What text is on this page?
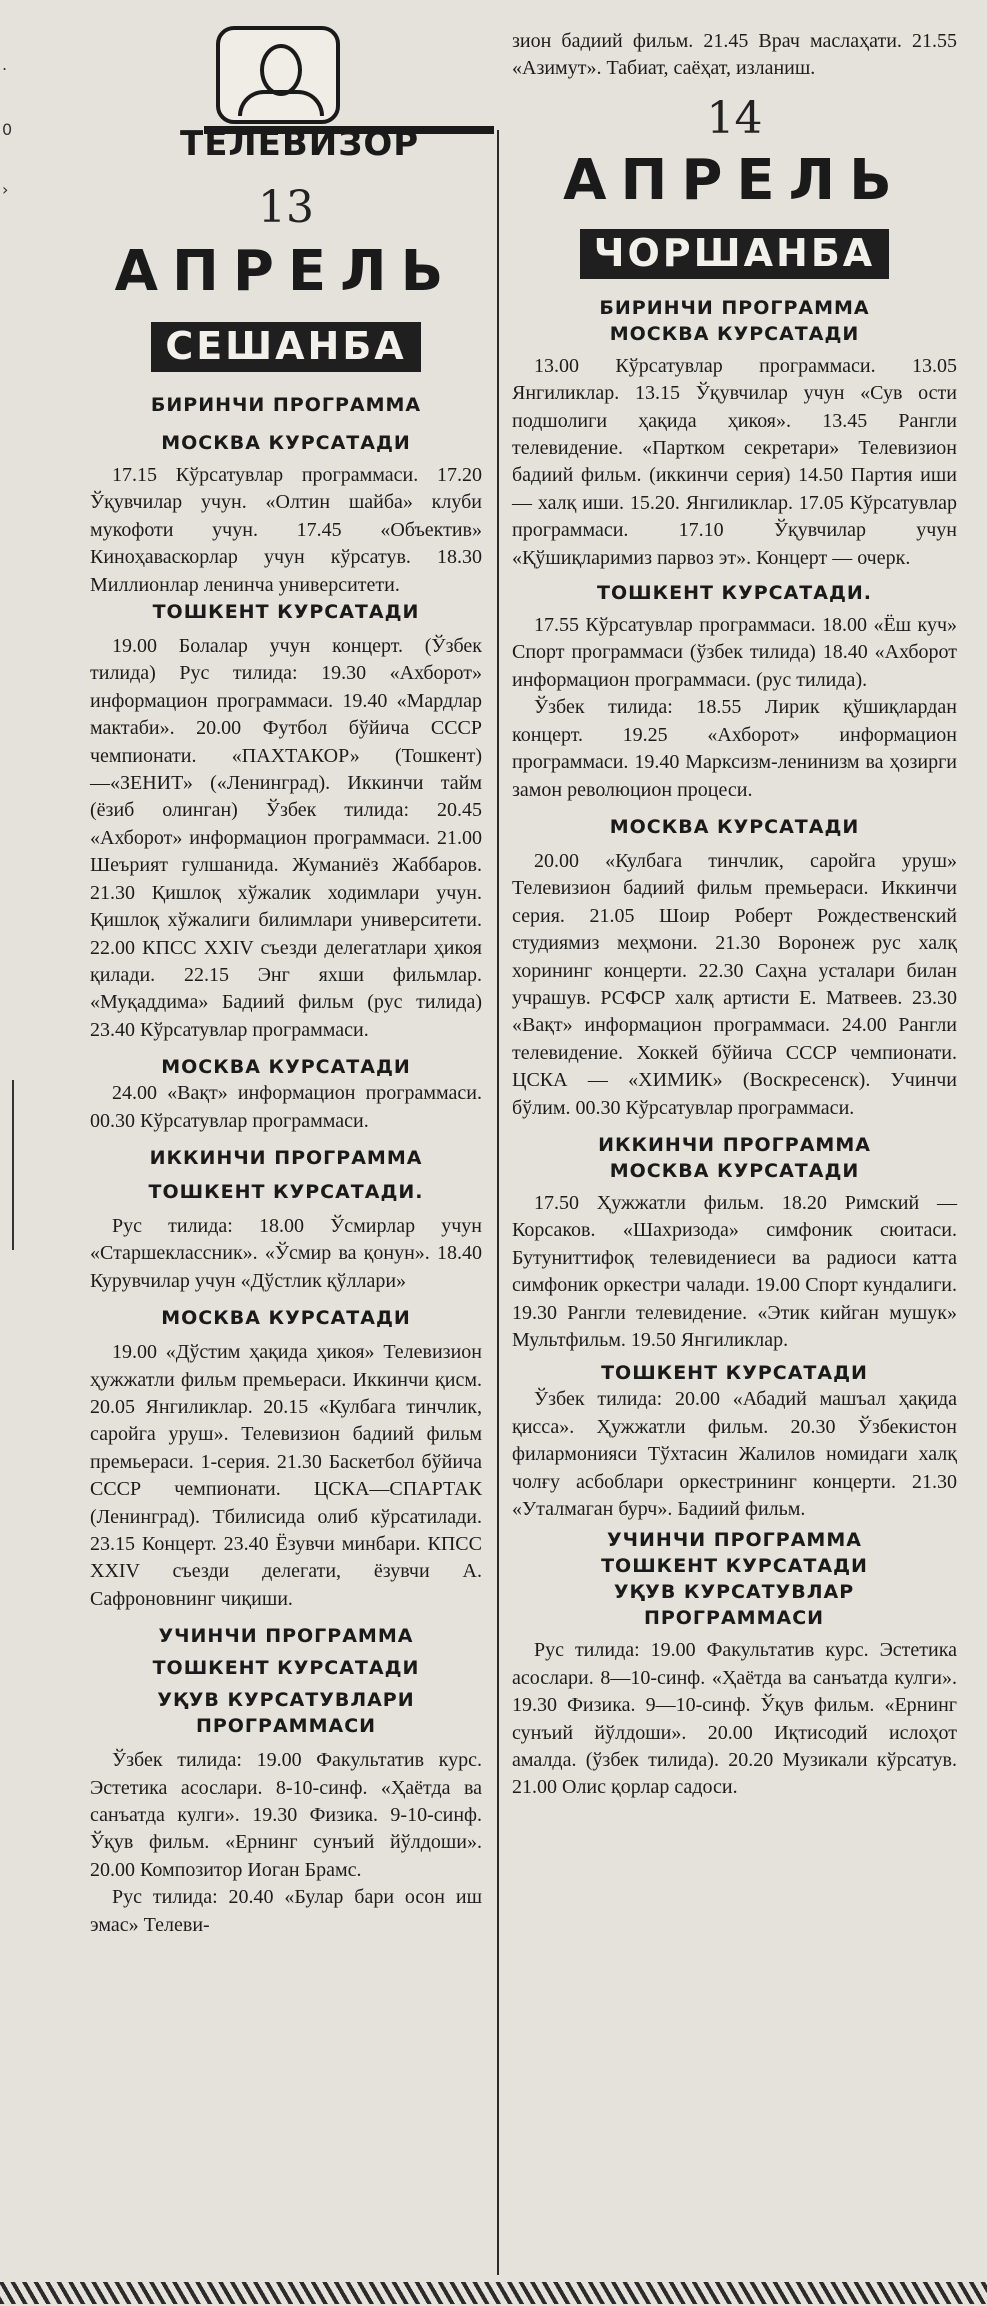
.
0
›
ТЕЛЕВИЗОР
13
АПРЕЛЬ
СЕШАНБА
БИРИНЧИ ПРОГРАММА
МОСКВА КУРСАТАДИ

17.15 Кўрсатувлар программаси. 17.20 Ўқувчилар учун. «Олтин шайба» клуби мукофоти учун. 17.45 «Объектив» Киноҳаваскорлар учун кўрсатув. 18.30 Миллионлар ленинча университети.

ТОШКЕНТ КУРСАТАДИ

19.00 Болалар учун концерт. (Ўзбек тилида) Рус тилида: 19.30 «Ахборот» информацион программаси. 19.40 «Мардлар мактаби». 20.00 Футбол бўйича СССР чемпионати. «ПАХТАКОР» (Тошкент)—«ЗЕНИТ» («Ленинград). Иккинчи тайм (ёзиб олинган) Ўзбек тилида: 20.45 «Ахборот» информацион программаси. 21.00 Шеърият гулшанида. Жуманиёз Жаббаров. 21.30 Қишлоқ хўжалик ходимлари учун. Қишлоқ хўжалиги билимлари университети. 22.00 КПСС XXIV съезди делегатлари ҳикоя қилади. 22.15 Энг яхши фильмлар. «Муқаддима» Бадиий фильм (рус тилида) 23.40 Кўрсатувлар программаси.

МОСКВА КУРСАТАДИ

24.00 «Вақт» информацион программаси. 00.30 Кўрсатувлар программаси.

ИККИНЧИ ПРОГРАММА
ТОШКЕНТ КУРСАТАДИ.

Рус тилида: 18.00 Ўсмирлар учун «Старшеклассник». «Ўсмир ва қонун». 18.40 Курувчилар учун «Дўстлик қўллари»

МОСКВА КУРСАТАДИ

19.00 «Дўстим ҳақида ҳикоя» Телевизион ҳужжатли фильм премьераси. Иккинчи қисм. 20.05 Янгиликлар. 20.15 «Кулбага тинчлик, саройга уруш». Телевизион бадиий фильм премьераси. 1-серия. 21.30 Баскетбол бўйича СССР чемпионати. ЦСКА—СПАРТАК (Ленинград). Тбилисида олиб кўрсатилади. 23.15 Концерт. 23.40 Ёзувчи минбари. КПСС XXIV съезди делегати, ёзувчи А. Сафроновнинг чиқиши.

УЧИНЧИ ПРОГРАММА
ТОШКЕНТ КУРСАТАДИ
УҚУВ КУРСАТУВЛАРИ ПРОГРАММАСИ

Ўзбек тилида: 19.00 Факультатив курс. Эстетика асослари. 8-10-синф. «Ҳаётда ва санъатда кулги». 19.30 Физика. 9-10-синф. Ўқув фильм. «Ернинг сунъий йўлдоши». 20.00 Композитор Иоган Брамс.

Рус тилида: 20.40 «Булар бари осон иш эмас» Телеви-

зион бадиий фильм. 21.45 Врач маслаҳати. 21.55 «Азимут». Табиат, саёҳат, изланиш.

14
АПРЕЛЬ
ЧОРШАНБА
БИРИНЧИ ПРОГРАММА
МОСКВА КУРСАТАДИ

13.00 Кўрсатувлар программаси. 13.05 Янгиликлар. 13.15 Ўқувчилар учун «Сув ости подшолиги ҳақида ҳикоя». 13.45 Рангли телевидение. «Партком секретари» Телевизион бадиий фильм. (иккинчи серия) 14.50 Партия иши — халқ иши. 15.20. Янгиликлар. 17.05 Кўрсатувлар программаси. 17.10 Ўқувчилар учун «Қўшиқларимиз парвоз эт». Концерт — очерк.

ТОШКЕНТ КУРСАТАДИ.

17.55 Кўрсатувлар программаси. 18.00 «Ёш куч» Спорт программаси (ўзбек тилида) 18.40 «Ахборот информацион программаси. (рус тилида).

Ўзбек тилида: 18.55 Лирик қўшиқлардан концерт. 19.25 «Ахборот» информацион программаси. 19.40 Марксизм-ленинизм ва ҳозирги замон революцион процеси.

МОСКВА КУРСАТАДИ

20.00 «Кулбага тинчлик, саройга уруш» Телевизион бадиий фильм премьераси. Иккинчи серия. 21.05 Шоир Роберт Рождественский студиямиз меҳмони. 21.30 Воронеж рус халқ хорининг концерти. 22.30 Саҳна усталари билан учрашув. РСФСР халқ артисти Е. Матвеев. 23.30 «Вақт» информацион программаси. 24.00 Рангли телевидение. Хоккей бўйича СССР чемпионати. ЦСКА — «ХИМИК» (Воскресенск). Учинчи бўлим. 00.30 Кўрсатувлар программаси.

ИККИНЧИ ПРОГРАММА
МОСКВА КУРСАТАДИ

17.50 Ҳужжатли фильм. 18.20 Римский — Корсаков. «Шахризода» симфоник сюитаси. Бутуниттифоқ телевидениеси ва радиоси катта симфоник оркестри чалади. 19.00 Спорт кундалиги. 19.30 Рангли телевидение. «Этик кийган мушук» Мультфильм. 19.50 Янгиликлар.

ТОШКЕНТ КУРСАТАДИ

Ўзбек тилида: 20.00 «Абадий машъал ҳақида қисса». Ҳужжатли фильм. 20.30 Ўзбекистон филармонияси Тўхтасин Жалилов номидаги халқ чолғу асбоблари оркестрининг концерти. 21.30 «Уталмаган бурч». Бадиий фильм.

УЧИНЧИ ПРОГРАММА
ТОШКЕНТ КУРСАТАДИ
УҚУВ КУРСАТУВЛАР ПРОГРАММАСИ

Рус тилида: 19.00 Факультатив курс. Эстетика асослари. 8—10-синф. «Ҳаётда ва санъатда кулги». 19.30 Физика. 9—10-синф. Ўқув фильм. «Ернинг сунъий йўлдоши». 20.00 Иқтисодий ислоҳот амалда. (ўзбек тилида). 20.20 Музикали кўрсатув. 21.00 Олис қорлар садоси.
